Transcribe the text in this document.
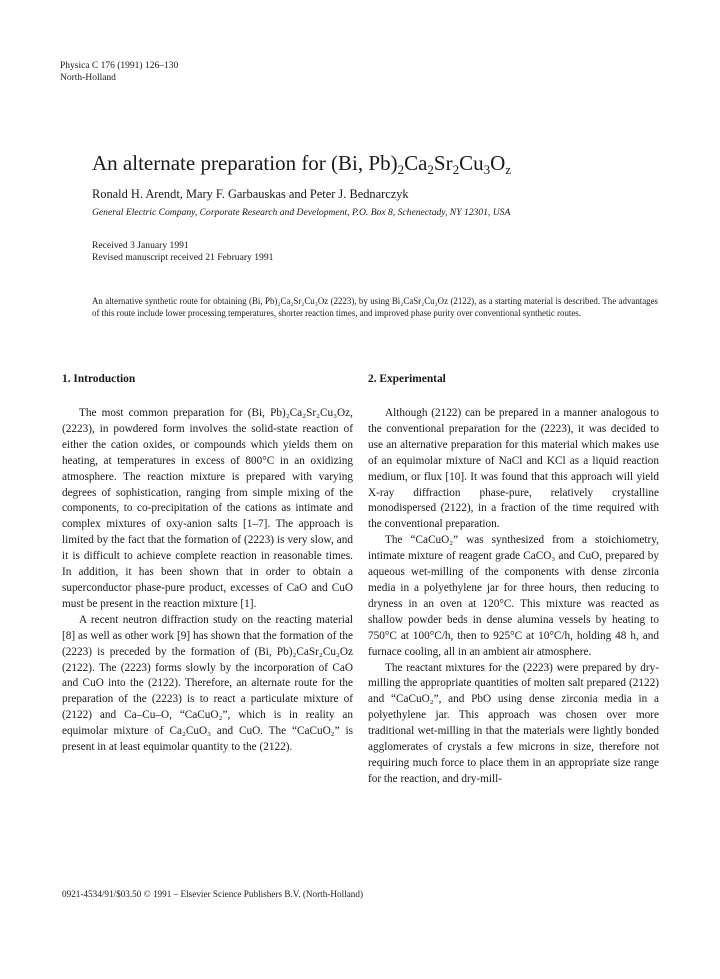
Physica C 176 (1991) 126–130
North-Holland
An alternate preparation for (Bi, $Pb)_2Ca_2Sr_2Cu_3O_z$
Ronald H. Arendt, Mary F. Garbauskas and Peter J. Bednarczyk
General Electric Company, Corporate Research and Development, P.O. Box 8, Schenectady, NY 12301, USA
Received 3 January 1991
Revised manuscript received 21 February 1991
An alternative synthetic route for obtaining (Bi, Pb)₂Ca₂Sr₂Cu₃Oz (2223), by using Bi₂CaSr₂Cu₂Oz (2122), as a starting material is described. The advantages of this route include lower processing temperatures, shorter reaction times, and improved phase purity over conventional synthetic routes.
1. Introduction

The most common preparation for (Bi, Pb)₂Ca₂Sr₂Cu₃Oz, (2223), in powdered form involves the solid-state reaction of either the cation oxides, or compounds which yields them on heating, at temperatures in excess of 800°C in an oxidizing atmosphere. The reaction mixture is prepared with varying degrees of sophistication, ranging from simple mixing of the components, to co-precipitation of the cations as intimate and complex mixtures of oxy-anion salts [1–7]. The approach is limited by the fact that the formation of (2223) is very slow, and it is difficult to achieve complete reaction in reasonable times. In addition, it has been shown that in order to obtain a superconductor phase-pure product, excesses of CaO and CuO must be present in the reaction mixture [1].

A recent neutron diffraction study on the reacting material [8] as well as other work [9] has shown that the formation of the (2223) is preceded by the formation of (Bi, Pb)₂CaSr₂Cu₂Oz (2122). The (2223) forms slowly by the incorporation of CaO and CuO into the (2122). Therefore, an alternate route for the preparation of the (2223) is to react a particulate mixture of (2122) and Ca–Cu–O, “CaCuO₂”, which is in reality an equimolar mixture of Ca₂CuO₃ and CuO. The “CaCuO₂” is present in at least equimolar quantity to the (2122).

2. Experimental

Although (2122) can be prepared in a manner analogous to the conventional preparation for the (2223), it was decided to use an alternative preparation for this material which makes use of an equimolar mixture of NaCl and KCl as a liquid reaction medium, or flux [10]. It was found that this approach will yield X-ray diffraction phase-pure, relatively crystalline monodispersed (2122), in a fraction of the time required with the conventional preparation.

The “CaCuO₂” was synthesized from a stoichiometry, intimate mixture of reagent grade CaCO₃ and CuO, prepared by aqueous wet-milling of the components with dense zirconia media in a polyethylene jar for three hours, then reducing to dryness in an oven at 120°C. This mixture was reacted as shallow powder beds in dense alumina vessels by heating to 750°C at 100°C/h, then to 925°C at 10°C/h, holding 48 h, and furnace cooling, all in an ambient air atmosphere.

The reactant mixtures for the (2223) were prepared by dry-milling the appropriate quantities of molten salt prepared (2122) and “CaCuO₂”, and PbO using dense zirconia media in a polyethylene jar. This approach was chosen over more traditional wet-milling in that the materials were lightly bonded agglomerates of crystals a few microns in size, therefore not requiring much force to place them in an appropriate size range for the reaction, and dry-mill-

0921-4534/91/$03.50 © 1991 – Elsevier Science Publishers B.V. (North-Holland)
